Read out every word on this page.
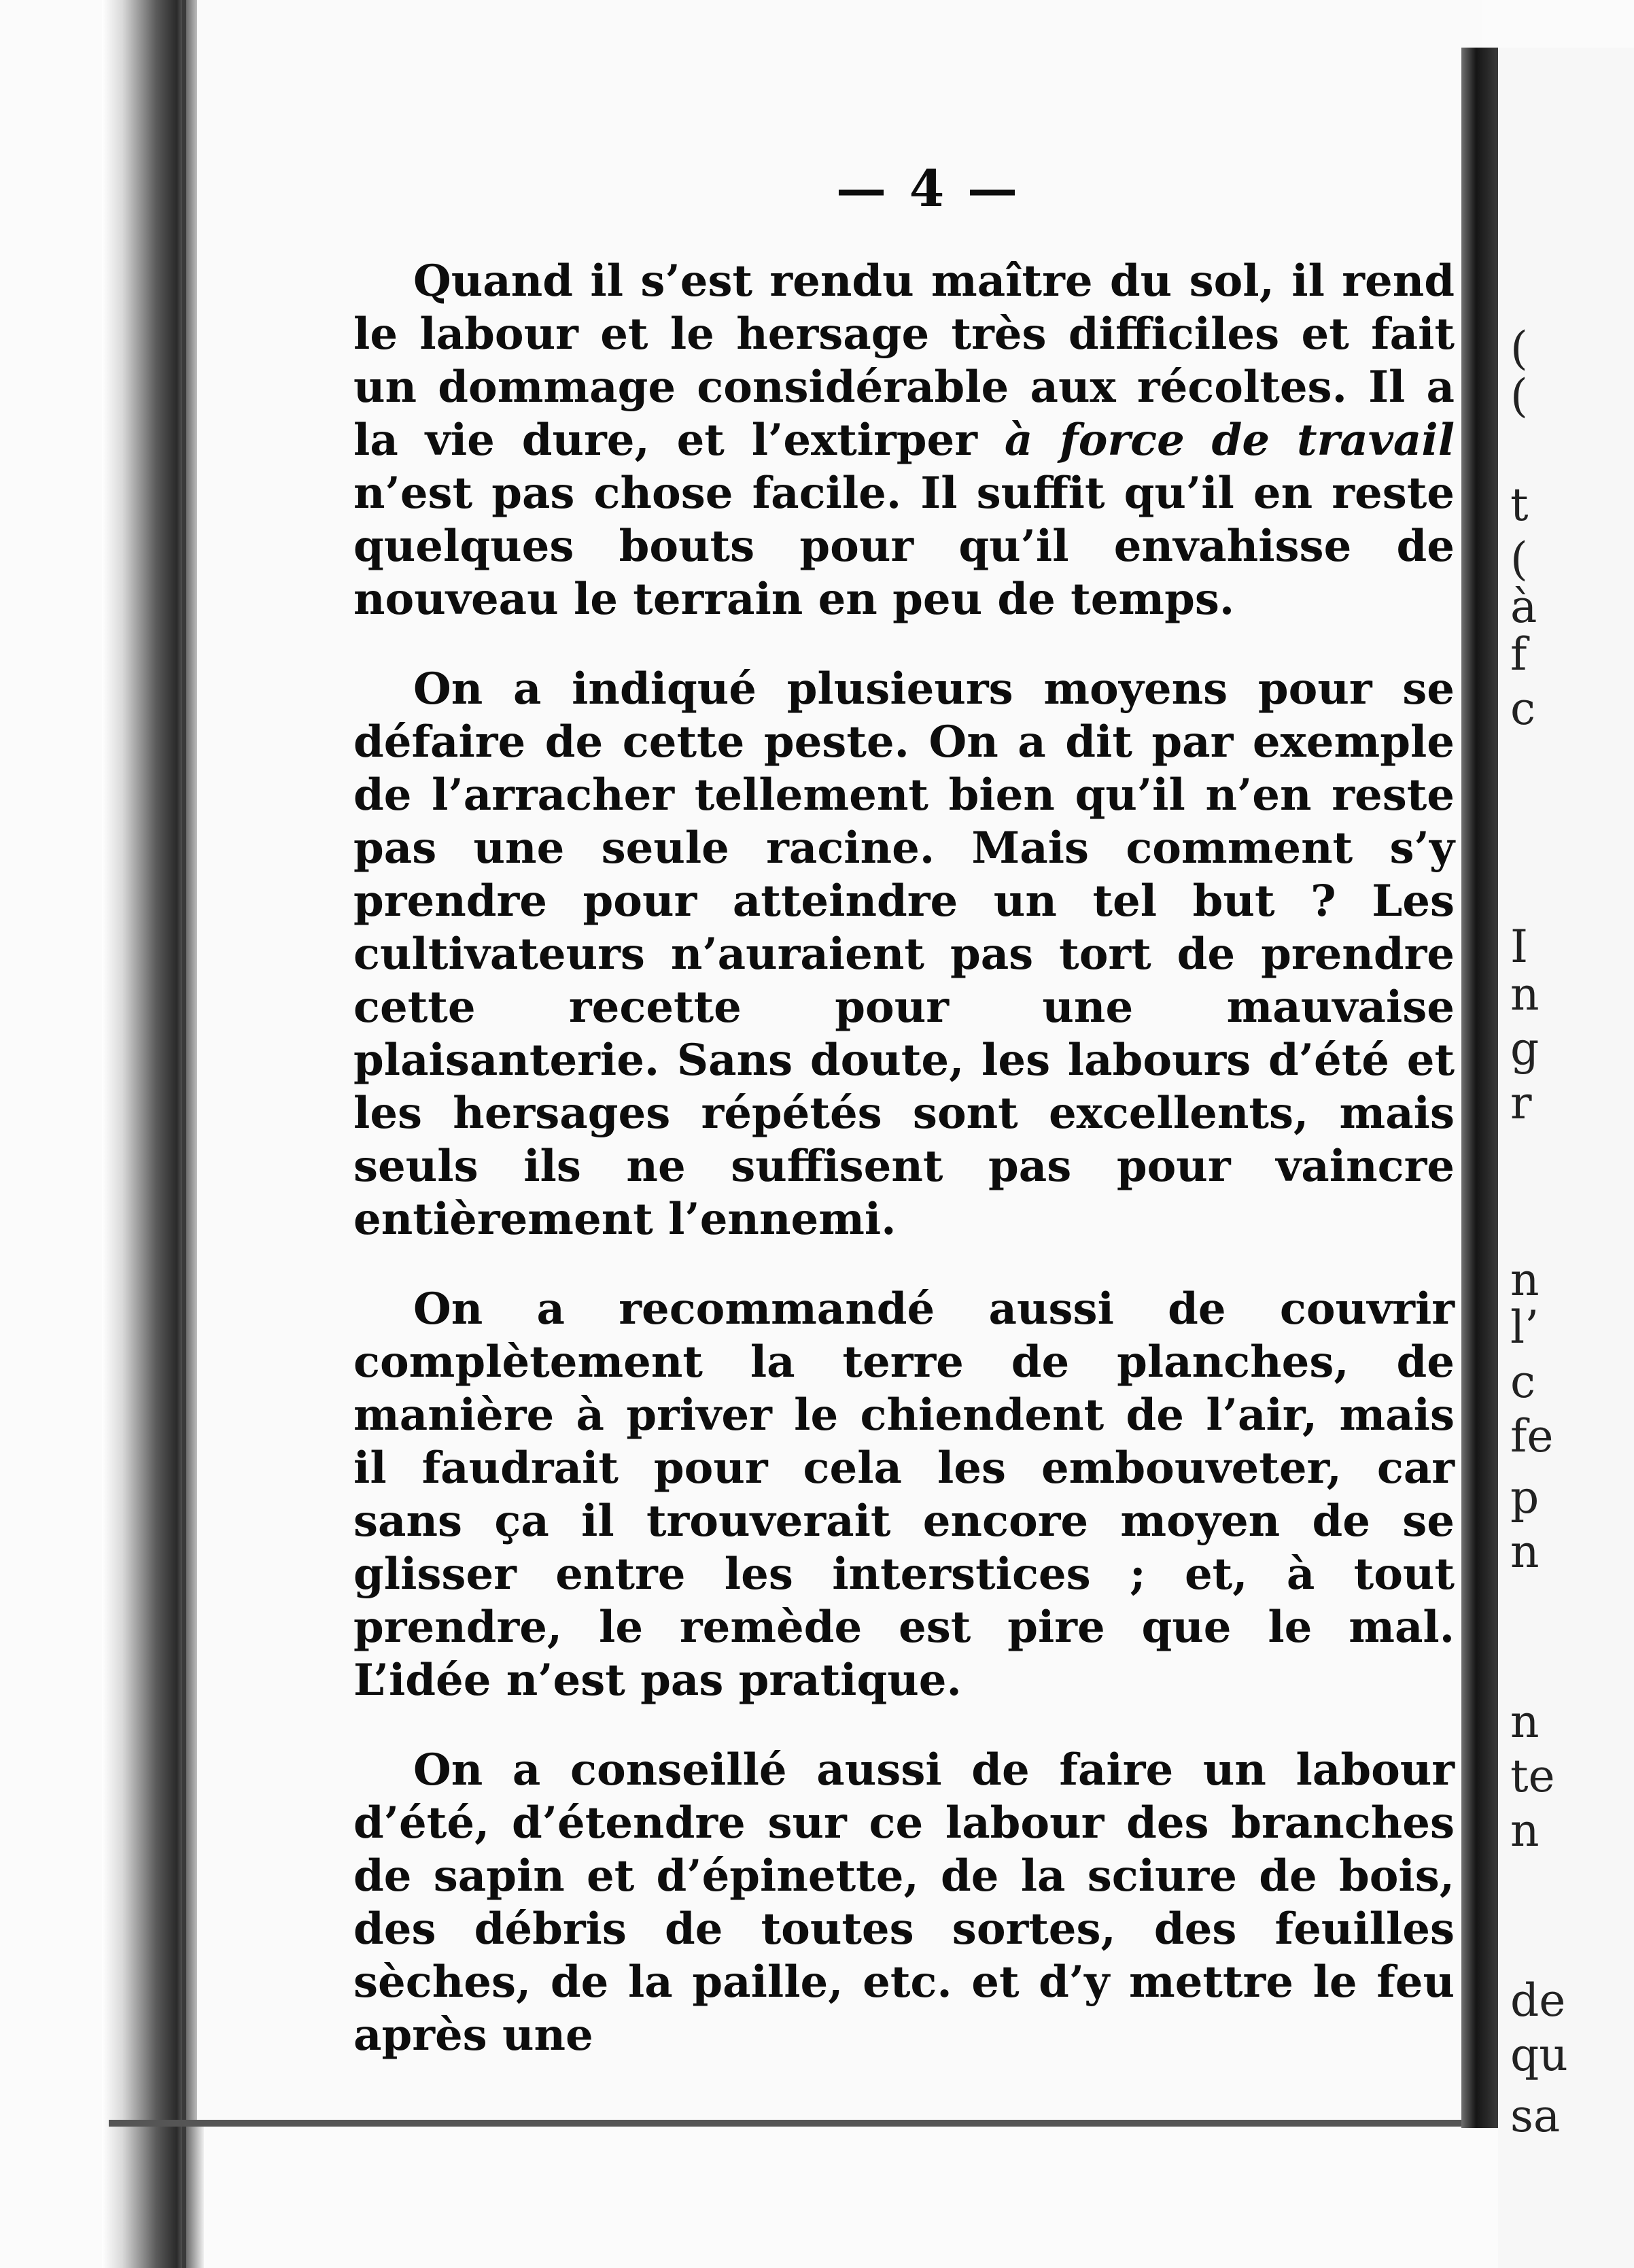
(
(
t
(
à
f
c
I
n
g
r
n
l’
c
fe
p
n
n
te
n
de
qu
sa
— 4 —

Quand il s’est rendu maître du sol, il rend le labour et le hersage très difficiles et fait un dommage considérable aux récoltes. Il a la vie dure, et l’extirper à force de travail n’est pas chose facile. Il suffit qu’il en reste quelques bouts pour qu’il envahisse de nouveau le terrain en peu de temps.

On a indiqué plusieurs moyens pour se défaire de cette peste. On a dit par exemple de l’arracher tellement bien qu’il n’en reste pas une seule racine. Mais comment s’y prendre pour atteindre un tel but ? Les cultivateurs n’auraient pas tort de prendre cette recette pour une mauvaise plaisanterie. Sans doute, les labours d’été et les hersages répétés sont excellents, mais seuls ils ne suffisent pas pour vaincre entièrement l’ennemi.

On a recommandé aussi de couvrir complètement la terre de planches, de manière à priver le chiendent de l’air, mais il faudrait pour cela les embouveter, car sans ça il trouverait encore moyen de se glisser entre les interstices ; et, à tout prendre, le remède est pire que le mal. L’idée n’est pas pratique.

On a conseillé aussi de faire un labour d’été, d’étendre sur ce labour des branches de sapin et d’épinette, de la sciure de bois, des débris de toutes sortes, des feuilles sèches, de la paille, etc. et d’y mettre le feu après une
